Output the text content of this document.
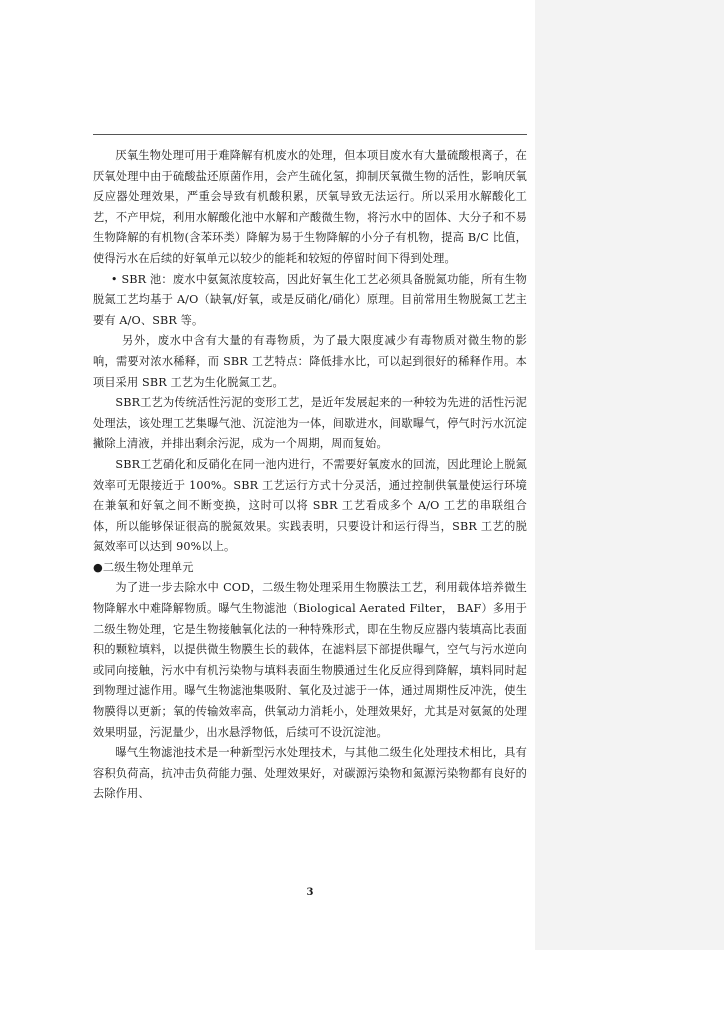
厌氧生物处理可用于难降解有机废水的处理，但本项目废水有大量硫酸根离子，在厌氧处理中由于硫酸盐还原菌作用，会产生硫化氢，抑制厌氧微生物的活性，影响厌氧反应器处理效果，严重会导致有机酸积累，厌氧导致无法运行。所以采用水解酸化工艺，不产甲烷，利用水解酸化池中水解和产酸微生物，将污水中的固体、大分子和不易生物降解的有机物(含苯环类）降解为易于生物降解的小分子有机物，提高 B/C 比值，使得污水在后续的好氧单元以较少的能耗和较短的停留时间下得到处理。

• SBR 池：废水中氨氮浓度较高，因此好氧生化工艺必须具备脱氮功能，所有生物脱氮工艺均基于 A/O（缺氧/好氧，或是反硝化/硝化）原理。目前常用生物脱氮工艺主要有 A/O、SBR 等。

另外，废水中含有大量的有毒物质，为了最大限度减少有毒物质对微生物的影响，需要对浓水稀释，而 SBR 工艺特点：降低排水比，可以起到很好的稀释作用。本项目采用 SBR 工艺为生化脱氮工艺。

SBR工艺为传统活性污泥的变形工艺，是近年发展起来的一种较为先进的活性污泥处理法，该处理工艺集曝气池、沉淀池为一体，间歇进水，间歇曝气，停气时污水沉淀撇除上清液，并排出剩余污泥，成为一个周期，周而复始。

SBR工艺硝化和反硝化在同一池内进行，不需要好氧废水的回流，因此理论上脱氮效率可无限接近于 100%。SBR 工艺运行方式十分灵活，通过控制供氧量使运行环境在兼氧和好氧之间不断变换，这时可以将 SBR 工艺看成多个 A/O 工艺的串联组合体，所以能够保证很高的脱氮效果。实践表明，只要设计和运行得当，SBR 工艺的脱氮效率可以达到 90%以上。

●二级生物处理单元

为了进一步去除水中 COD，二级生物处理采用生物膜法工艺，利用载体培养微生物降解水中难降解物质。曝气生物滤池（Biological Aerated Filter， BAF）多用于二级生物处理，它是生物接触氧化法的一种特殊形式，即在生物反应器内装填高比表面积的颗粒填料，以提供微生物膜生长的载体，在滤料层下部提供曝气，空气与污水逆向或同向接触，污水中有机污染物与填料表面生物膜通过生化反应得到降解，填料同时起到物理过滤作用。曝气生物滤池集吸附、氧化及过滤于一体，通过周期性反冲洗，使生物膜得以更新；氧的传输效率高，供氧动力消耗小，处理效果好，尤其是对氨氮的处理效果明显，污泥量少，出水悬浮物低，后续可不设沉淀池。

曝气生物滤池技术是一种新型污水处理技术，与其他二级生化处理技术相比，具有容积负荷高，抗冲击负荷能力强、处理效果好，对碳源污染物和氮源污染物都有良好的去除作用、

3
